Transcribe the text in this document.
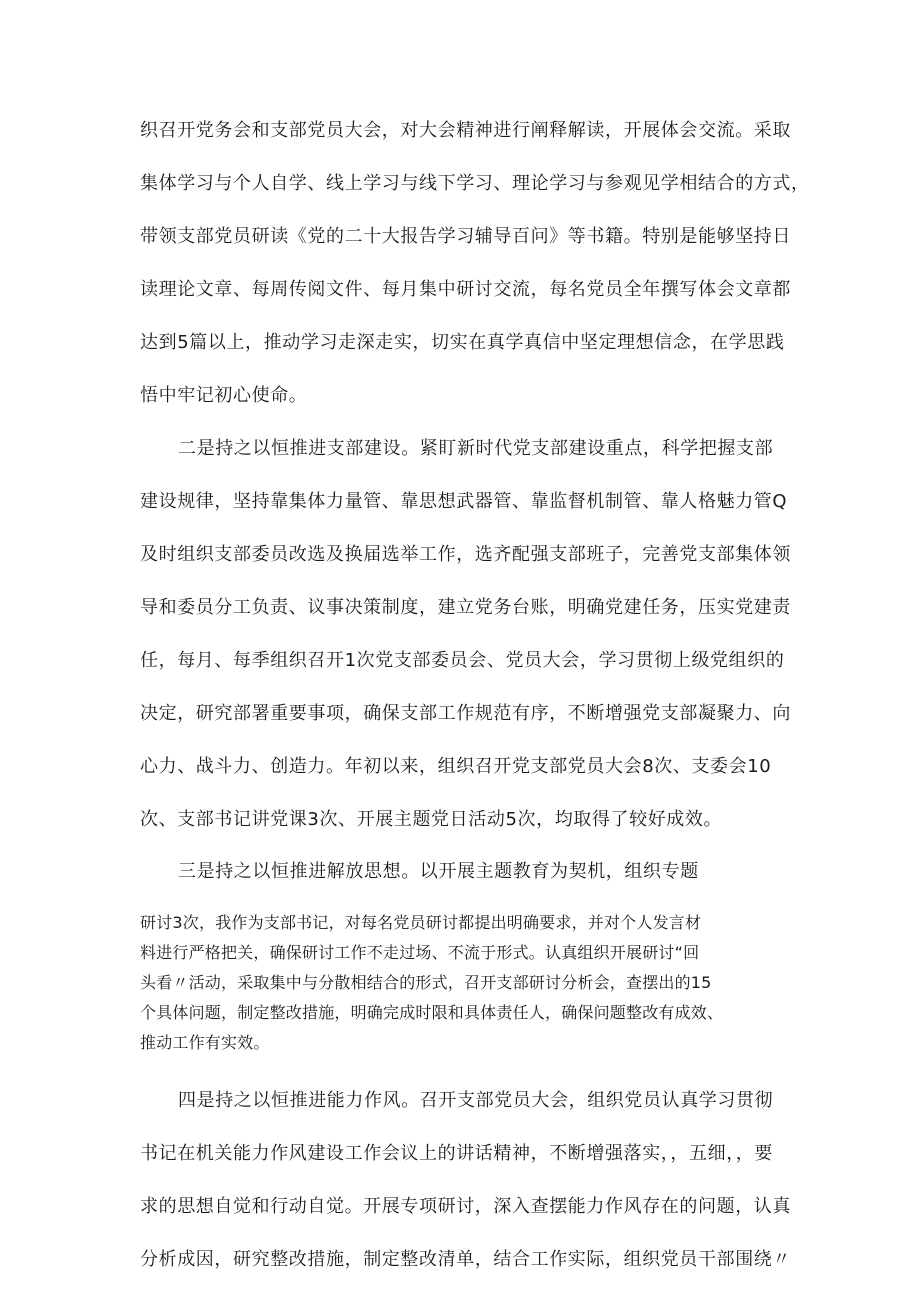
织召开党务会和支部党员大会，对大会精神进行阐释解读，开展体会交流。采取
集体学习与个人自学、线上学习与线下学习、理论学习与参观见学相结合的方式，
带领支部党员研读《党的二十大报告学习辅导百问》等书籍。特别是能够坚持日
读理论文章、每周传阅文件、每月集中研讨交流，每名党员全年撰写体会文章都
达到5篇以上，推动学习走深走实，切实在真学真信中坚定理想信念，在学思践
悟中牢记初心使命。
二是持之以恒推进支部建设。紧盯新时代党支部建设重点，科学把握支部
建设规律，坚持靠集体力量管、靠思想武器管、靠监督机制管、靠人格魅力管Q
及时组织支部委员改选及换届选举工作，选齐配强支部班子，完善党支部集体领
导和委员分工负责、议事决策制度，建立党务台账，明确党建任务，压实党建责
任，每月、每季组织召开1次党支部委员会、党员大会，学习贯彻上级党组织的
决定，研究部署重要事项，确保支部工作规范有序，不断增强党支部凝聚力、向
心力、战斗力、创造力。年初以来，组织召开党支部党员大会8次、支委会10
次、支部书记讲党课3次、开展主题党日活动5次，均取得了较好成效。
三是持之以恒推进解放思想。以开展主题教育为契机，组织专题
研讨3次，我作为支部书记，对每名党员研讨都提出明确要求，并对个人发言材
料进行严格把关，确保研讨工作不走过场、不流于形式。认真组织开展研讨“回
头看〃活动，采取集中与分散相结合的形式，召开支部研讨分析会，查摆出的15
个具体问题，制定整改措施，明确完成时限和具体责任人，确保问题整改有成效、
推动工作有实效。
四是持之以恒推进能力作风。召开支部党员大会，组织党员认真学习贯彻
书记在机关能力作风建设工作会议上的讲话精神，不断增强落实，，五细，，要
求的思想自觉和行动自觉。开展专项研讨，深入查摆能力作风存在的问题，认真
分析成因，研究整改措施，制定整改清单，结合工作实际，组织党员干部围绕〃
